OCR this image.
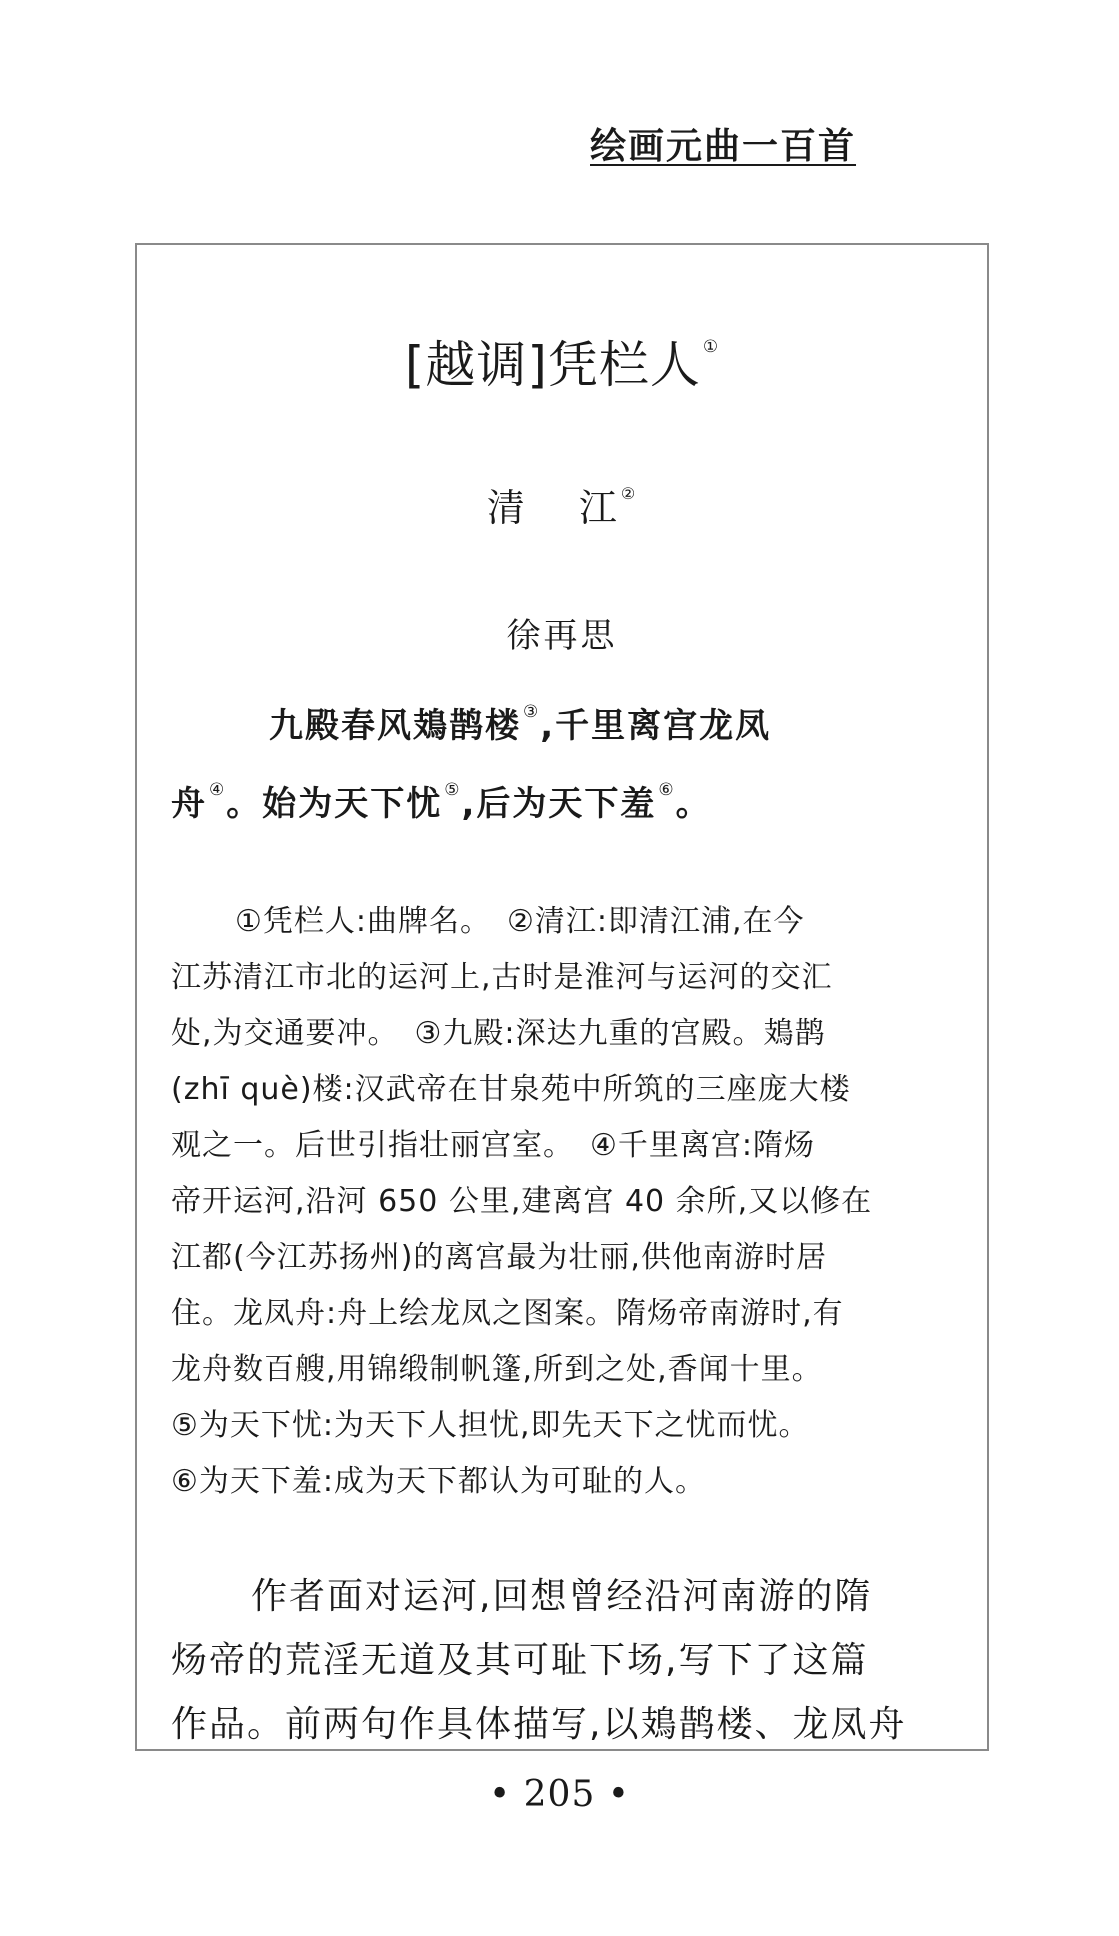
绘画元曲一百首
[越调]凭栏人 ①
清 江 ②
徐再思
九殿春风鳷鹊楼 ③,千里离宫龙凤
舟 ④。始为天下忧 ⑤,后为天下羞 ⑥。
①凭栏人:曲牌名。　②清江:即清江浦,在今
江苏清江市北的运河上,古时是淮河与运河的交汇
处,为交通要冲。　③九殿:深达九重的宫殿。鳷鹊
(zhī què)楼:汉武帝在甘泉苑中所筑的三座庞大楼
观之一。后世引指壮丽宫室。　④千里离宫:隋炀
帝开运河,沿河 650 公里,建离宫 40 余所,又以修在
江都(今江苏扬州)的离宫最为壮丽,供他南游时居
住。龙凤舟:舟上绘龙凤之图案。隋炀帝南游时,有
龙舟数百艘,用锦缎制帆篷,所到之处,香闻十里。
⑤为天下忧:为天下人担忧,即先天下之忧而忧。
⑥为天下羞:成为天下都认为可耻的人。
作者面对运河,回想曾经沿河南游的隋
炀帝的荒淫无道及其可耻下场,写下了这篇
作品。前两句作具体描写,以鳷鹊楼、龙凤舟
• 205 •
